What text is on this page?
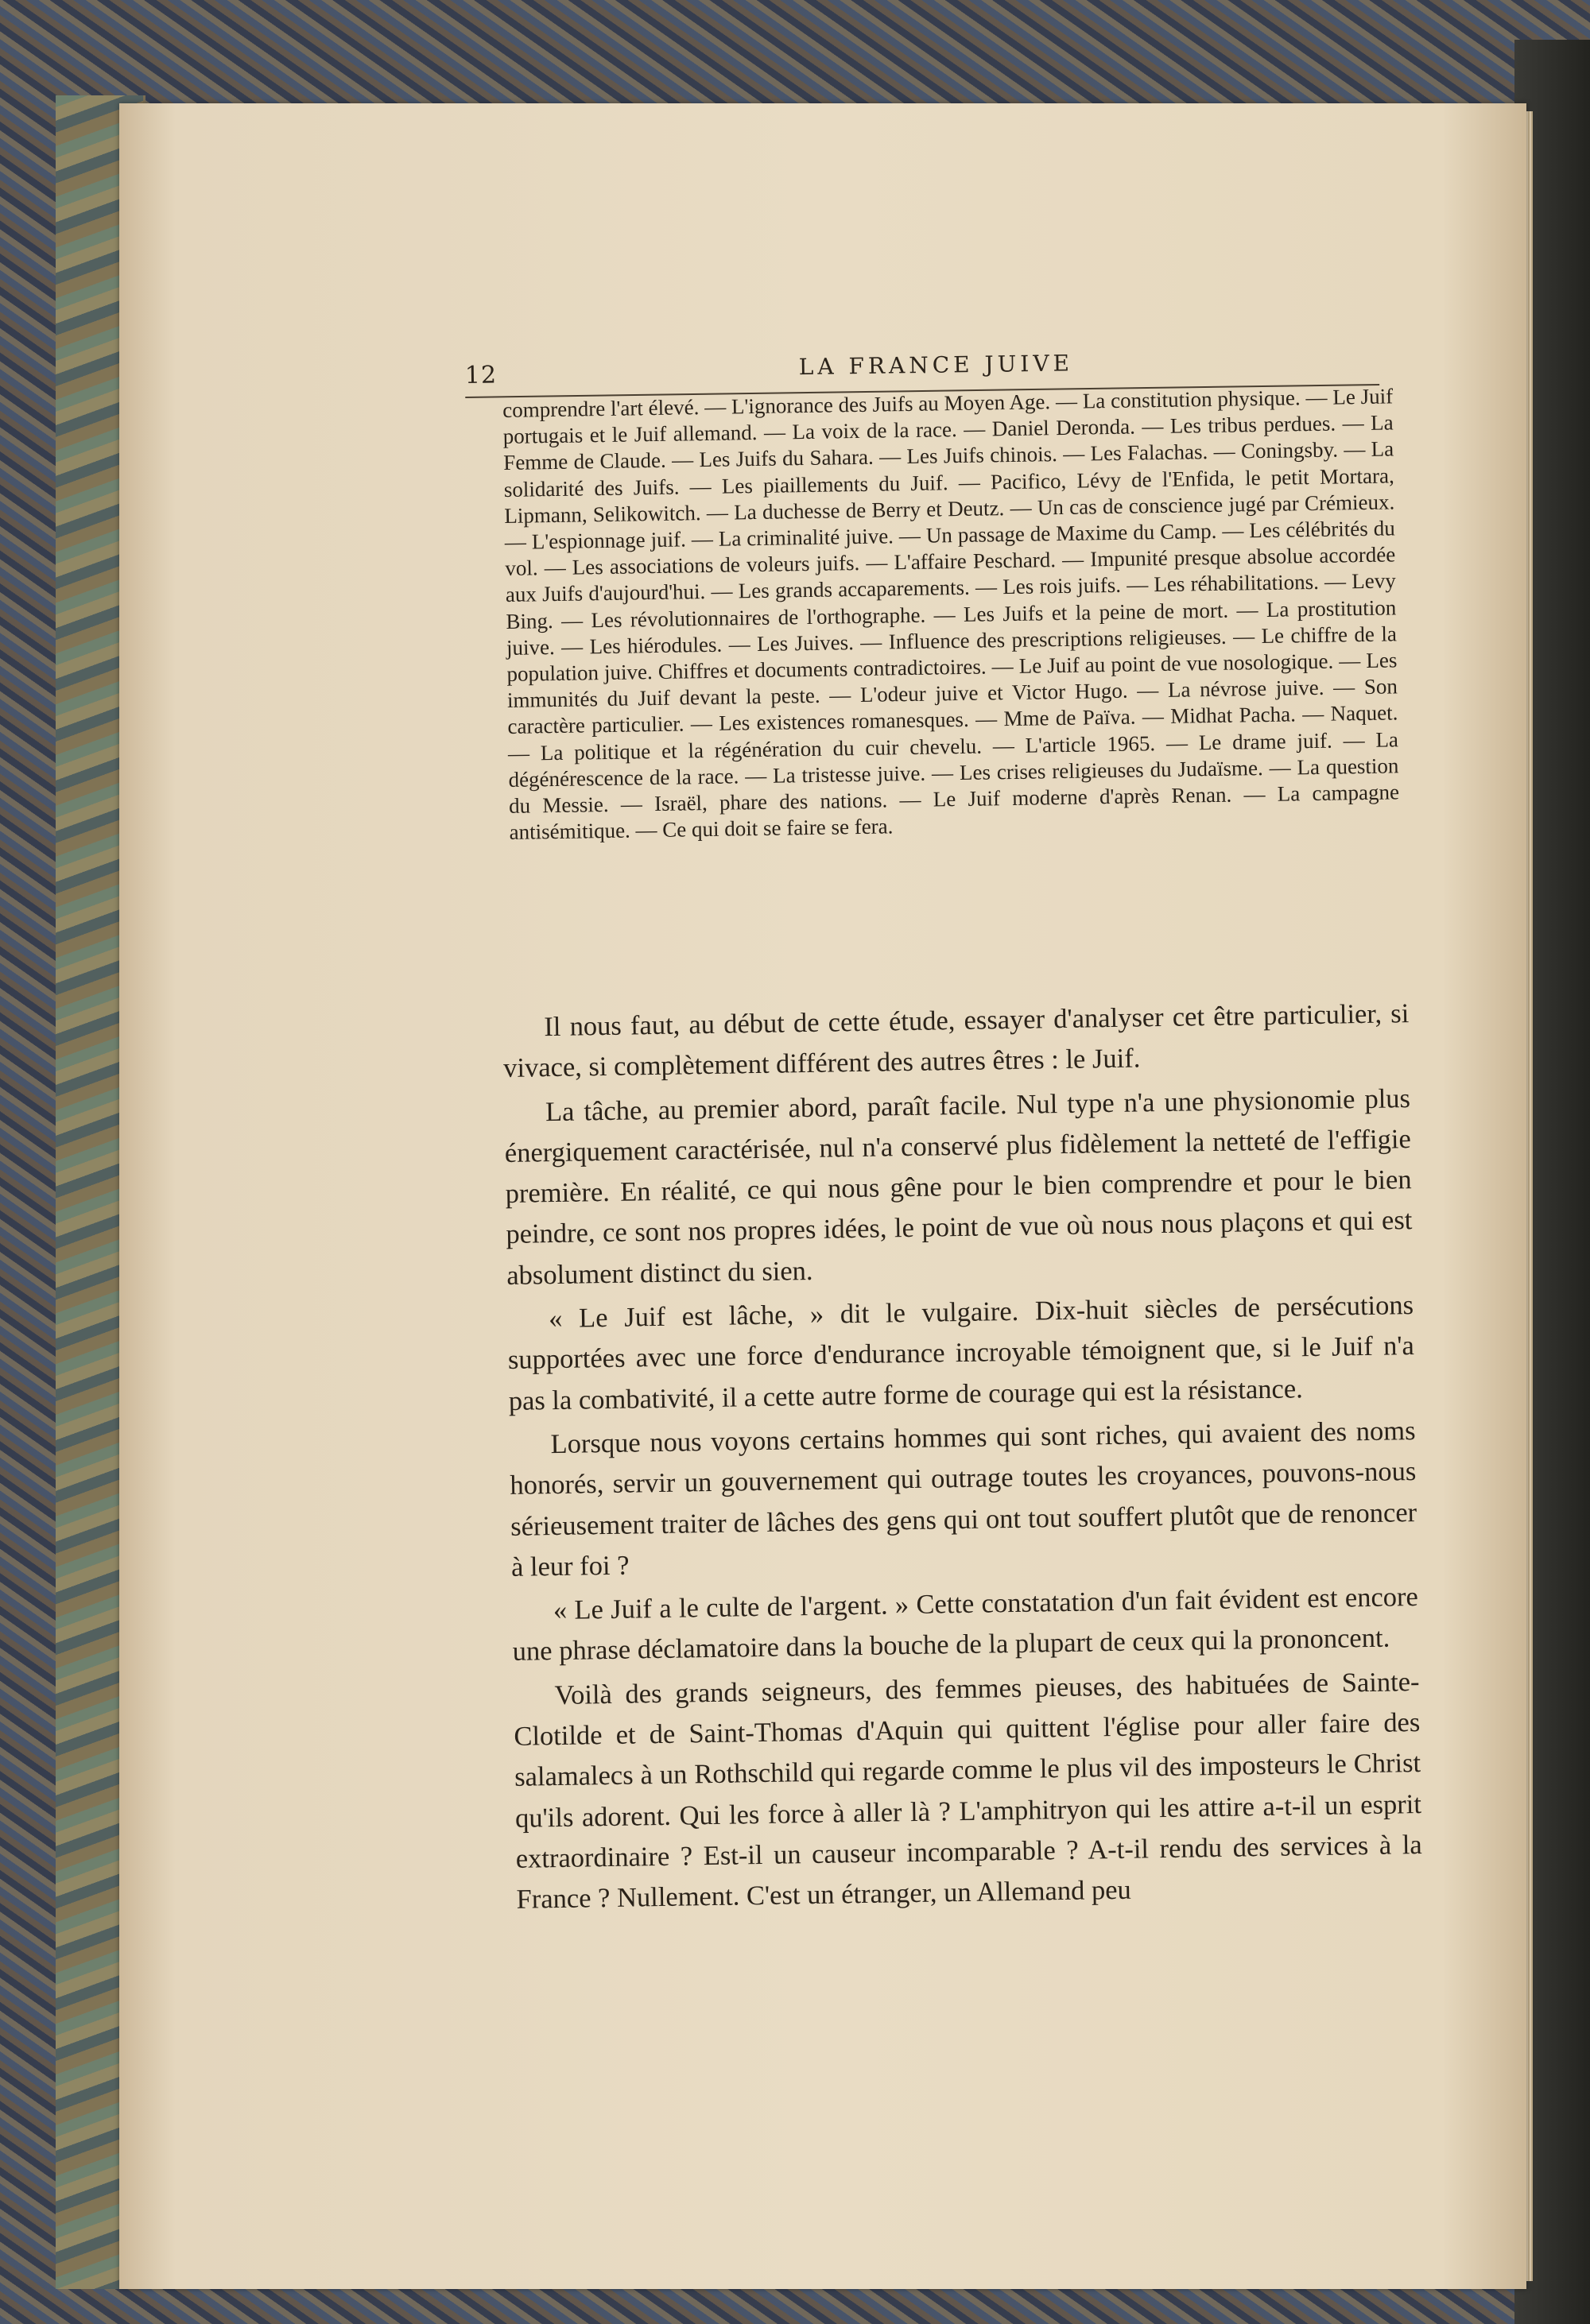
12	LA FRANCE JUIVE

comprendre l'art élevé. — L'ignorance des Juifs au Moyen Age. — La constitution physique. — Le Juif portugais et le Juif allemand. — La voix de la race. — Daniel Deronda. — Les tribus perdues. — La Femme de Claude. — Les Juifs du Sahara. — Les Juifs chinois. — Les Falachas. — Coningsby. — La solidarité des Juifs. — Les piaillements du Juif. — Pacifico, Lévy de l'Enfida, le petit Mortara, Lipmann, Selikowitch. — La duchesse de Berry et Deutz. — Un cas de conscience jugé par Crémieux. — L'espionnage juif. — La criminalité juive. — Un passage de Maxime du Camp. — Les célébrités du vol. — Les associations de voleurs juifs. — L'affaire Peschard. — Impunité presque absolue accordée aux Juifs d'aujourd'hui. — Les grands accaparements. — Les rois juifs. — Les réhabilitations. — Levy Bing. — Les révolutionnaires de l'orthographe. — Les Juifs et la peine de mort. — La prostitution juive. — Les hiérodules. — Les Juives. — Influence des prescriptions religieuses. — Le chiffre de la population juive. Chiffres et documents contradictoires. — Le Juif au point de vue nosologique. — Les immunités du Juif devant la peste. — L'odeur juive et Victor Hugo. — La névrose juive. — Son caractère particulier. — Les existences romanesques. — Mme de Païva. — Midhat Pacha. — Naquet. — La politique et la régénération du cuir chevelu. — L'article 1965. — Le drame juif. — La dégénérescence de la race. — La tristesse juive. — Les crises religieuses du Judaïsme. — La question du Messie. — Israël, phare des nations. — Le Juif moderne d'après Renan. — La campagne antisémitique. — Ce qui doit se faire se fera.

Il nous faut, au début de cette étude, essayer d'analyser cet être particulier, si vivace, si complètement différent des autres êtres : le Juif.

La tâche, au premier abord, paraît facile. Nul type n'a une physionomie plus énergiquement caractérisée, nul n'a conservé plus fidèlement la netteté de l'effigie première. En réalité, ce qui nous gêne pour le bien comprendre et pour le bien peindre, ce sont nos propres idées, le point de vue où nous nous plaçons et qui est absolument distinct du sien.

« Le Juif est lâche, » dit le vulgaire. Dix-huit siècles de persécutions supportées avec une force d'endurance incroyable témoignent que, si le Juif n'a pas la combativité, il a cette autre forme de courage qui est la résistance.

Lorsque nous voyons certains hommes qui sont riches, qui avaient des noms honorés, servir un gouvernement qui outrage toutes les croyances, pouvons-nous sérieusement traiter de lâches des gens qui ont tout souffert plutôt que de renoncer à leur foi ?

« Le Juif a le culte de l'argent. » Cette constatation d'un fait évident est encore une phrase déclamatoire dans la bouche de la plupart de ceux qui la prononcent.

Voilà des grands seigneurs, des femmes pieuses, des habituées de Sainte-Clotilde et de Saint-Thomas d'Aquin qui quittent l'église pour aller faire des salamalecs à un Rothschild qui regarde comme le plus vil des imposteurs le Christ qu'ils adorent. Qui les force à aller là ? L'amphitryon qui les attire a-t-il un esprit extraordinaire ? Est-il un causeur incomparable ? A-t-il rendu des services à la France ? Nullement. C'est un étranger, un Allemand peu
